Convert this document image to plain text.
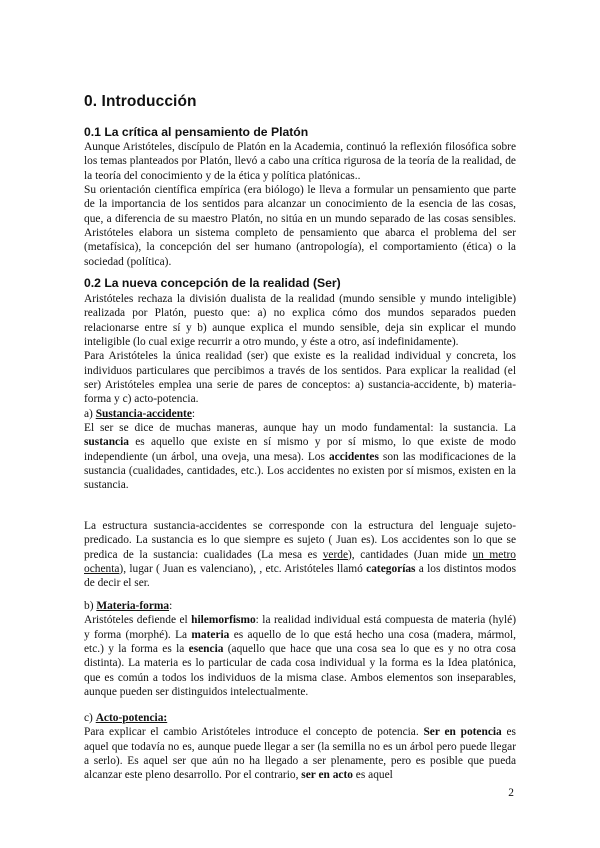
0. Introducción
0.1 La crítica al pensamiento de Platón

Aunque Aristóteles, discípulo de Platón en la Academia, continuó la reflexión filosófica sobre los temas planteados por Platón, llevó a cabo una crítica rigurosa de la teoría de la realidad, de la teoría del conocimiento y de la ética y política platónicas..

Su orientación científica empírica (era biólogo) le lleva a formular un pensamiento que parte de la importancia de los sentidos para alcanzar un conocimiento de la esencia de las cosas, que, a diferencia de su maestro Platón, no sitúa en un mundo separado de las cosas sensibles. Aristóteles elabora un sistema completo de pensamiento que abarca el problema del ser (metafísica), la concepción del ser humano (antropología), el comportamiento (ética) o la sociedad (política).

0.2 La nueva concepción de la realidad (Ser)

Aristóteles rechaza la división dualista de la realidad (mundo sensible y mundo inteligible) realizada por Platón, puesto que: a) no explica cómo dos mundos separados pueden relacionarse entre sí y b) aunque explica el mundo sensible, deja sin explicar el mundo inteligible (lo cual exige recurrir a otro mundo, y éste a otro, así indefinidamente).

Para Aristóteles la única realidad (ser) que existe es la realidad individual y concreta, los individuos particulares que percibimos a través de los sentidos. Para explicar la realidad (el ser) Aristóteles emplea una serie de pares de conceptos: a) sustancia-accidente, b) materia-forma y c) acto-potencia.

a) Sustancia-accidente:

El ser se dice de muchas maneras, aunque hay un modo fundamental: la sustancia. La sustancia es aquello que existe en sí mismo y por sí mismo, lo que existe de modo independiente (un árbol, una oveja, una mesa). Los accidentes son las modificaciones de la sustancia (cualidades, cantidades, etc.). Los accidentes no existen por sí mismos, existen en la sustancia.

La estructura sustancia-accidentes se corresponde con la estructura del lenguaje sujeto-predicado. La sustancia es lo que siempre es sujeto ( Juan es). Los accidentes son lo que se predica de la sustancia: cualidades (La mesa es verde), cantidades (Juan mide un metro ochenta), lugar ( Juan es valenciano), , etc. Aristóteles llamó categorías a los distintos modos de decir el ser.

b) Materia-forma:

Aristóteles defiende el hilemorfismo: la realidad individual está compuesta de materia (hylé) y forma (morphé). La materia es aquello de lo que está hecho una cosa (madera, mármol, etc.) y la forma es la esencia (aquello que hace que una cosa sea lo que es y no otra cosa distinta). La materia es lo particular de cada cosa individual y la forma es la Idea platónica, que es común a todos los individuos de la misma clase. Ambos elementos son inseparables, aunque pueden ser distinguidos intelectualmente.

c) Acto-potencia:

Para explicar el cambio Aristóteles introduce el concepto de potencia. Ser en potencia es aquel que todavía no es, aunque puede llegar a ser (la semilla no es un árbol pero puede llegar a serlo). Es aquel ser que aún no ha llegado a ser plenamente, pero es posible que pueda alcanzar este pleno desarrollo. Por el contrario, ser en acto es aquel

2
